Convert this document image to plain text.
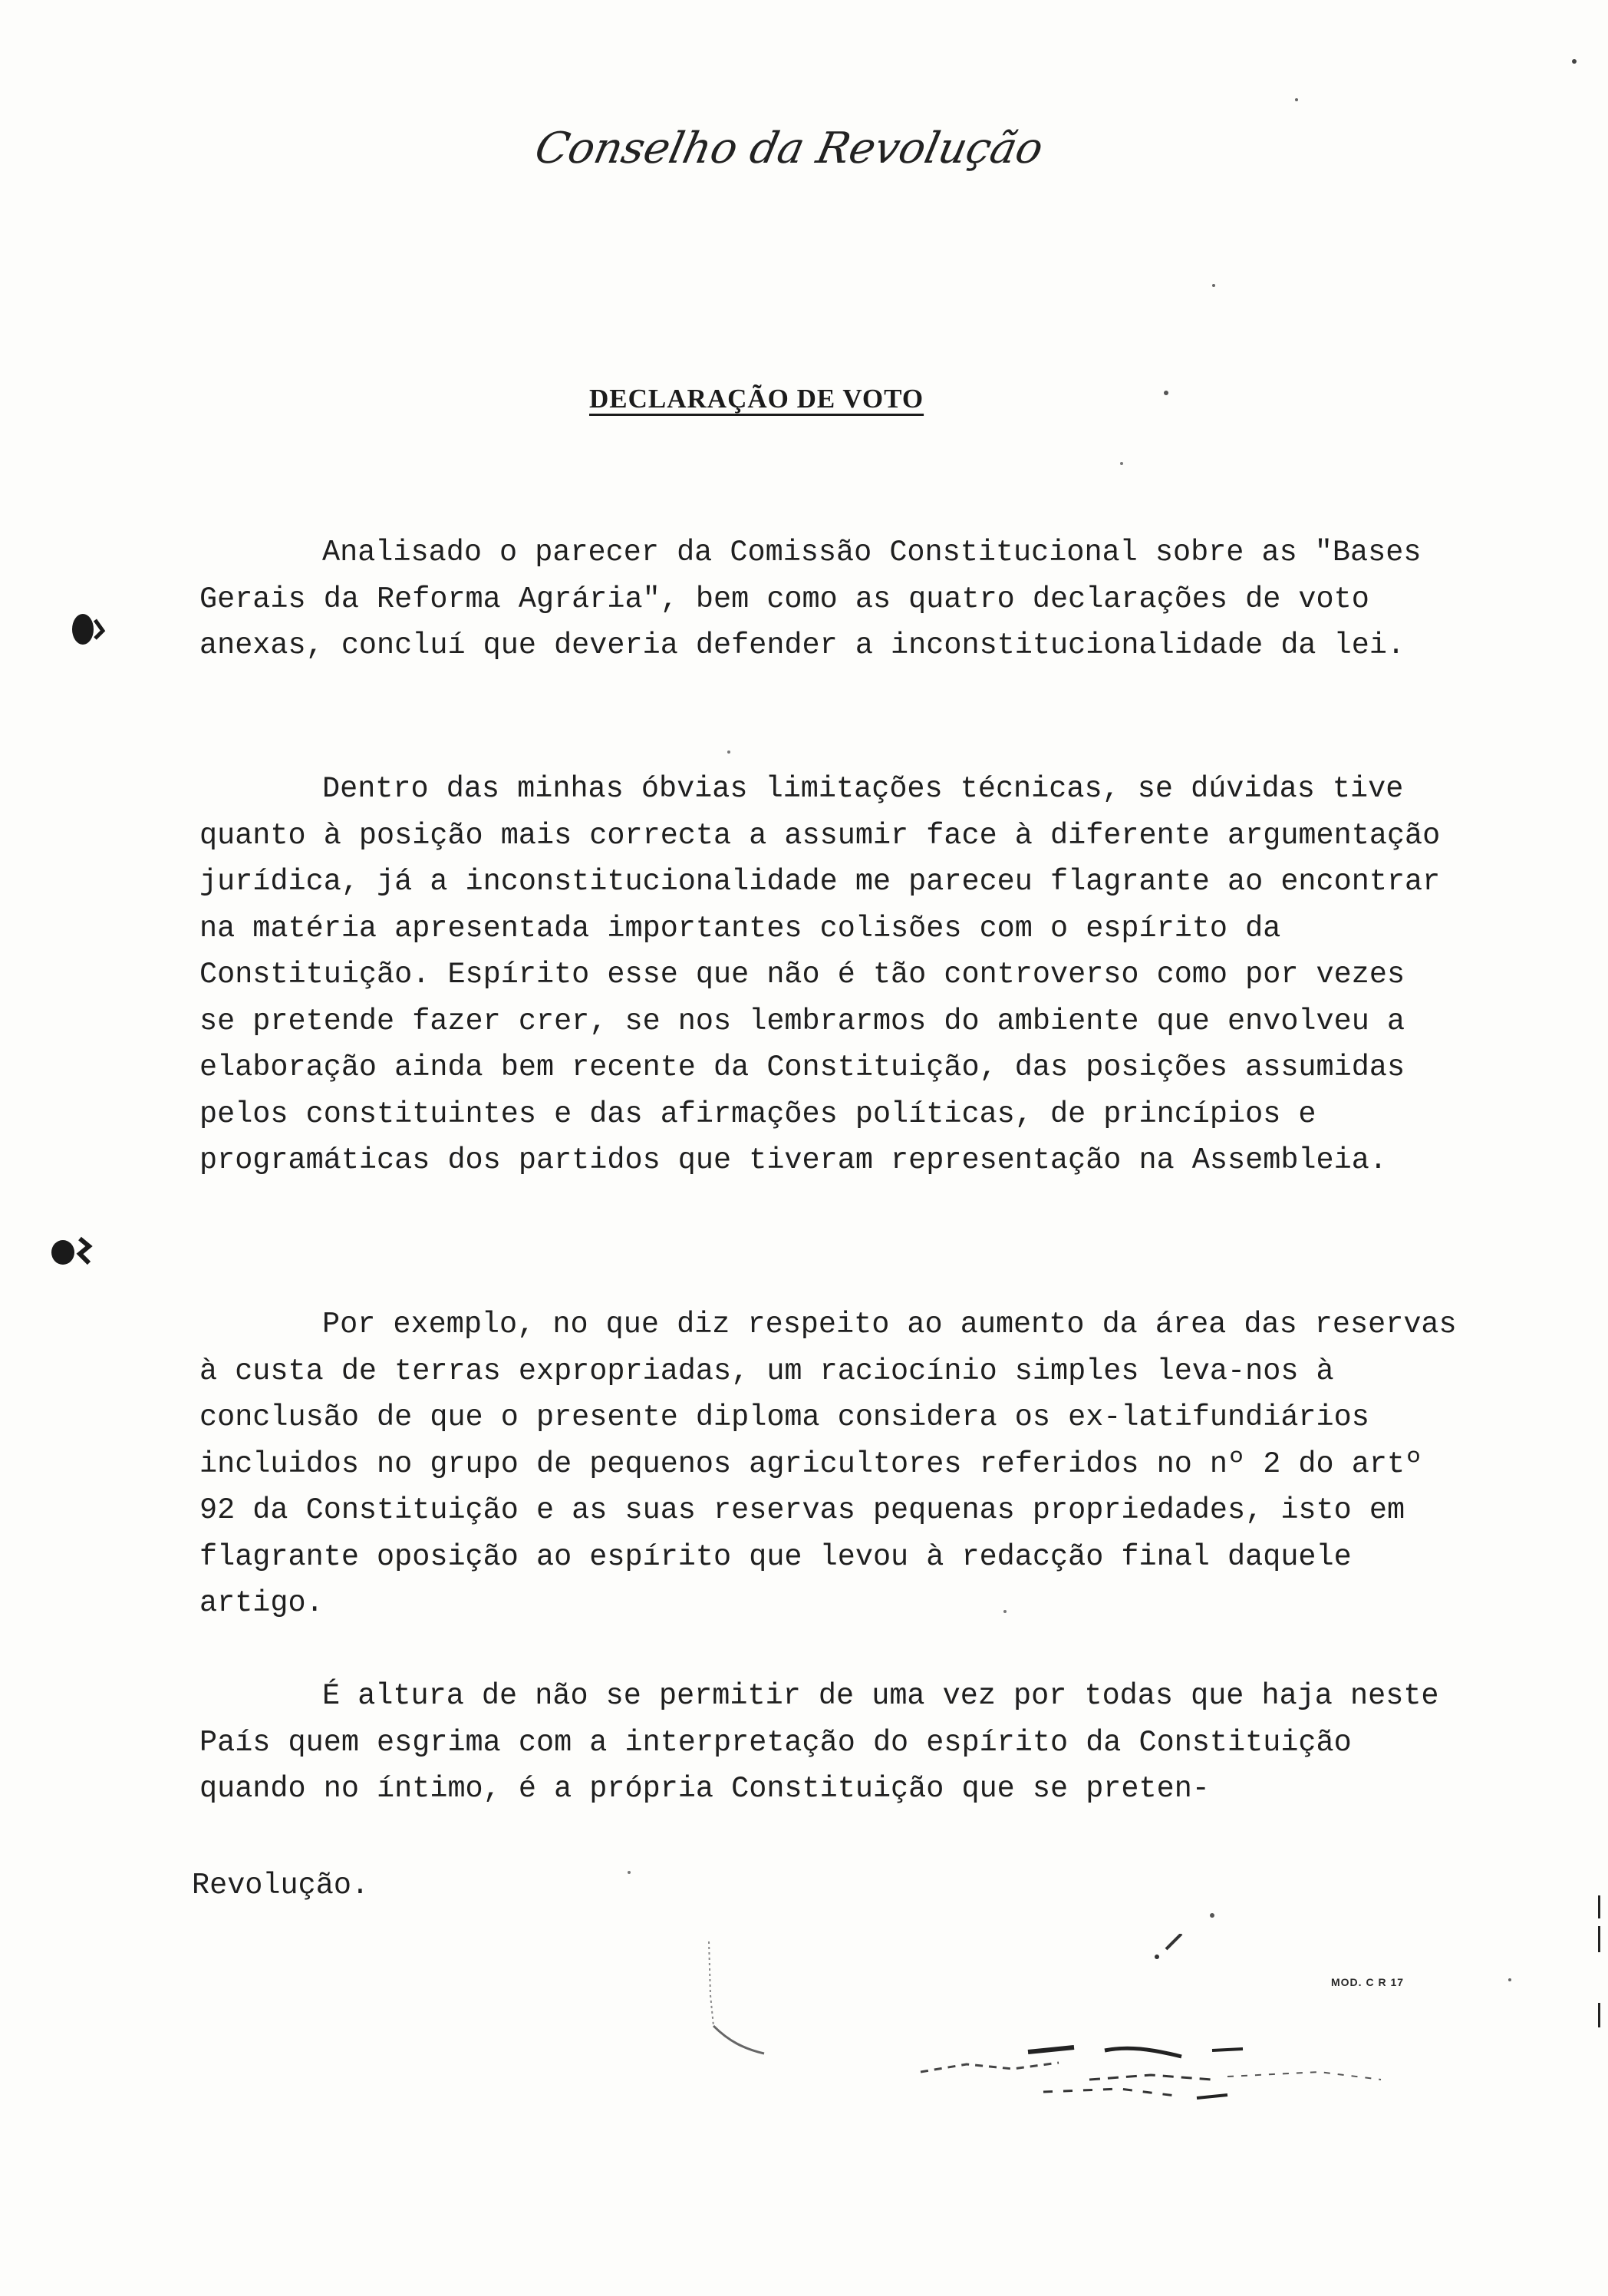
Conselho da Revolução
DECLARAÇÃO DE VOTO

Analisado o parecer da Comissão Constitucional sobre as "Bases Gerais da Reforma Agrária", bem como as quatro declarações de voto anexas, concluí que deveria defender a inconstitucionalidade da lei.

Dentro das minhas óbvias limitações técnicas, se dúvidas tive quanto à posição mais correcta a assumir face à diferente argumentação jurídica, já a inconstitucionalidade me pareceu flagrante ao encontrar na matéria apresentada importantes colisões com o espírito da Constituição. Espírito esse que não é tão controverso como por vezes se pretende fazer crer, se nos lembrarmos do ambiente que envolveu a elaboração ainda bem recente da Constituição, das posições assumidas pelos constituintes e das afirmações políticas, de princípios e programáticas dos partidos que tiveram representação na Assembleia.

Por exemplo, no que diz respeito ao aumento da área das reservas à custa de terras expropriadas, um raciocínio simples leva-nos à conclusão de que o presente diploma considera os ex-latifundiários incluidos no grupo de pequenos agricultores referidos no nº 2 do artº 92 da Constituição e as suas reservas pequenas propriedades, isto em flagrante oposição ao espírito que levou à redacção final daquele artigo.

É altura de não se permitir de uma vez por todas que haja neste País quem esgrima com a interpretação do espírito da Constituição quando no íntimo, é a própria Constituição que se preten-

Revolução.
MOD. C R 17
